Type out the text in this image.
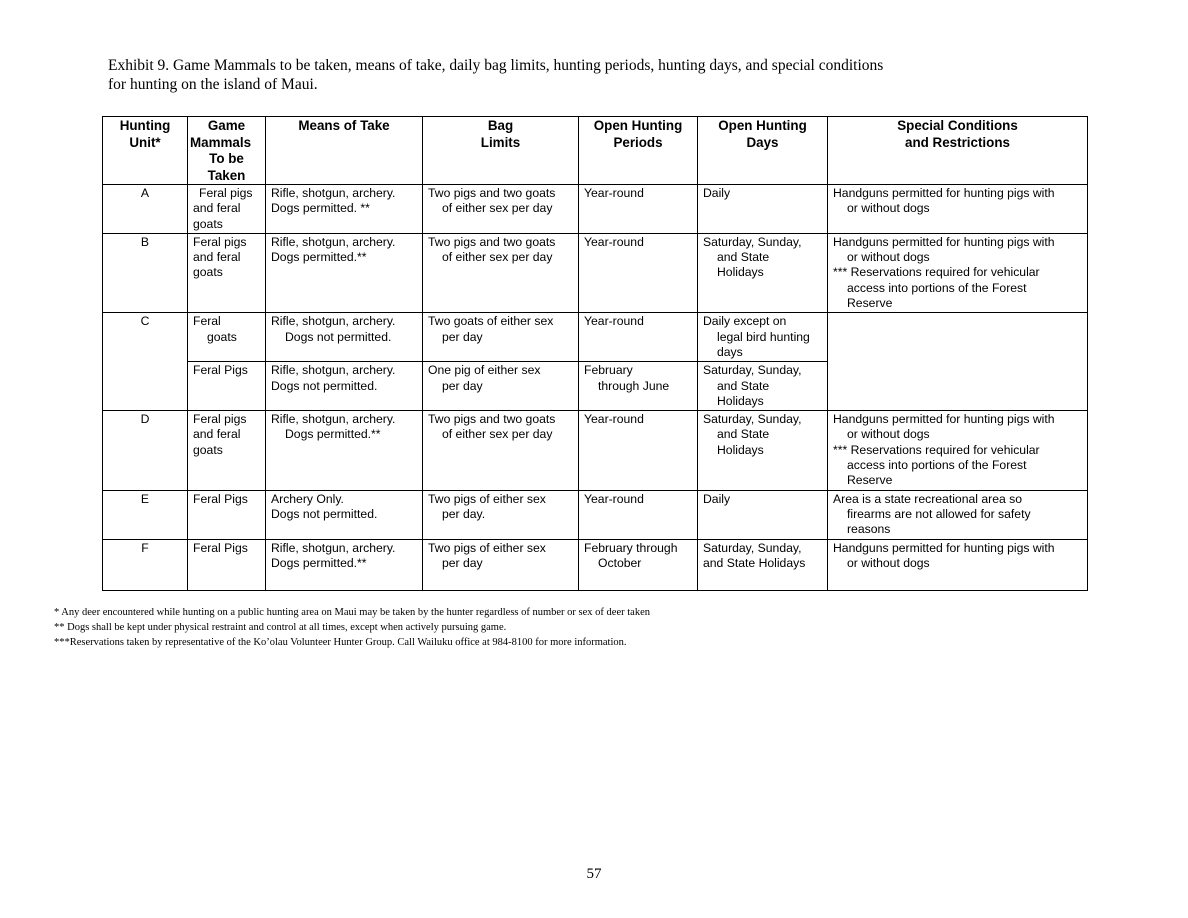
Exhibit 9. Game Mammals to be taken, means of take, daily bag limits, hunting periods, hunting days, and special conditions
for hunting on the island of Maui.
Hunting
Unit*	Game
Mammals
To be
Taken	Means of Take	Bag
Limits	Open Hunting
Periods	Open Hunting
Days	Special Conditions
and Restrictions

A	Feral pigs
and feral
goats	Rifle, shotgun, archery.
Dogs permitted. **	Two pigs and two goats
of either sex per day	Year-round	Daily	Handguns permitted for hunting pigs with
or without dogs

B	Feral pigs
and feral
goats	Rifle, shotgun, archery.
Dogs permitted.**	Two pigs and two goats
of either sex per day	Year-round	Saturday, Sunday,
and State
Holidays	Handguns permitted for hunting pigs with
or without dogs
*** Reservations required for vehicular
access into portions of the Forest
Reserve

C	Feral
goats	Rifle, shotgun, archery.
Dogs not permitted.	Two goats of either sex
per day	Year-round	Daily except on
legal bird hunting
days	

	Feral Pigs	Rifle, shotgun, archery.
Dogs not permitted.	One pig of either sex
per day	February
through June	Saturday, Sunday,
and State
Holidays	

D	Feral pigs
and feral
goats	Rifle, shotgun, archery.
Dogs permitted.**	Two pigs and two goats
of either sex per day	Year-round	Saturday, Sunday,
and State
Holidays	Handguns permitted for hunting pigs with
or without dogs
*** Reservations required for vehicular
access into portions of the Forest
Reserve

E	Feral Pigs	Archery Only.
Dogs not permitted.	Two pigs of either sex
per day.	Year-round	Daily	Area is a state recreational area so
firearms are not allowed for safety
reasons

F	Feral Pigs	Rifle, shotgun, archery.
Dogs permitted.**	Two pigs of either sex
per day	February through
October	Saturday, Sunday,
and State Holidays	Handguns permitted for hunting pigs with
or without dogs
* Any deer encountered while hunting on a public hunting area on Maui may be taken by the hunter regardless of number or sex of deer taken
** Dogs shall be kept under physical restraint and control at all times, except when actively pursuing game.
***Reservations taken by representative of the Ko’olau Volunteer Hunter Group. Call Wailuku office at 984-8100 for more information.
57
